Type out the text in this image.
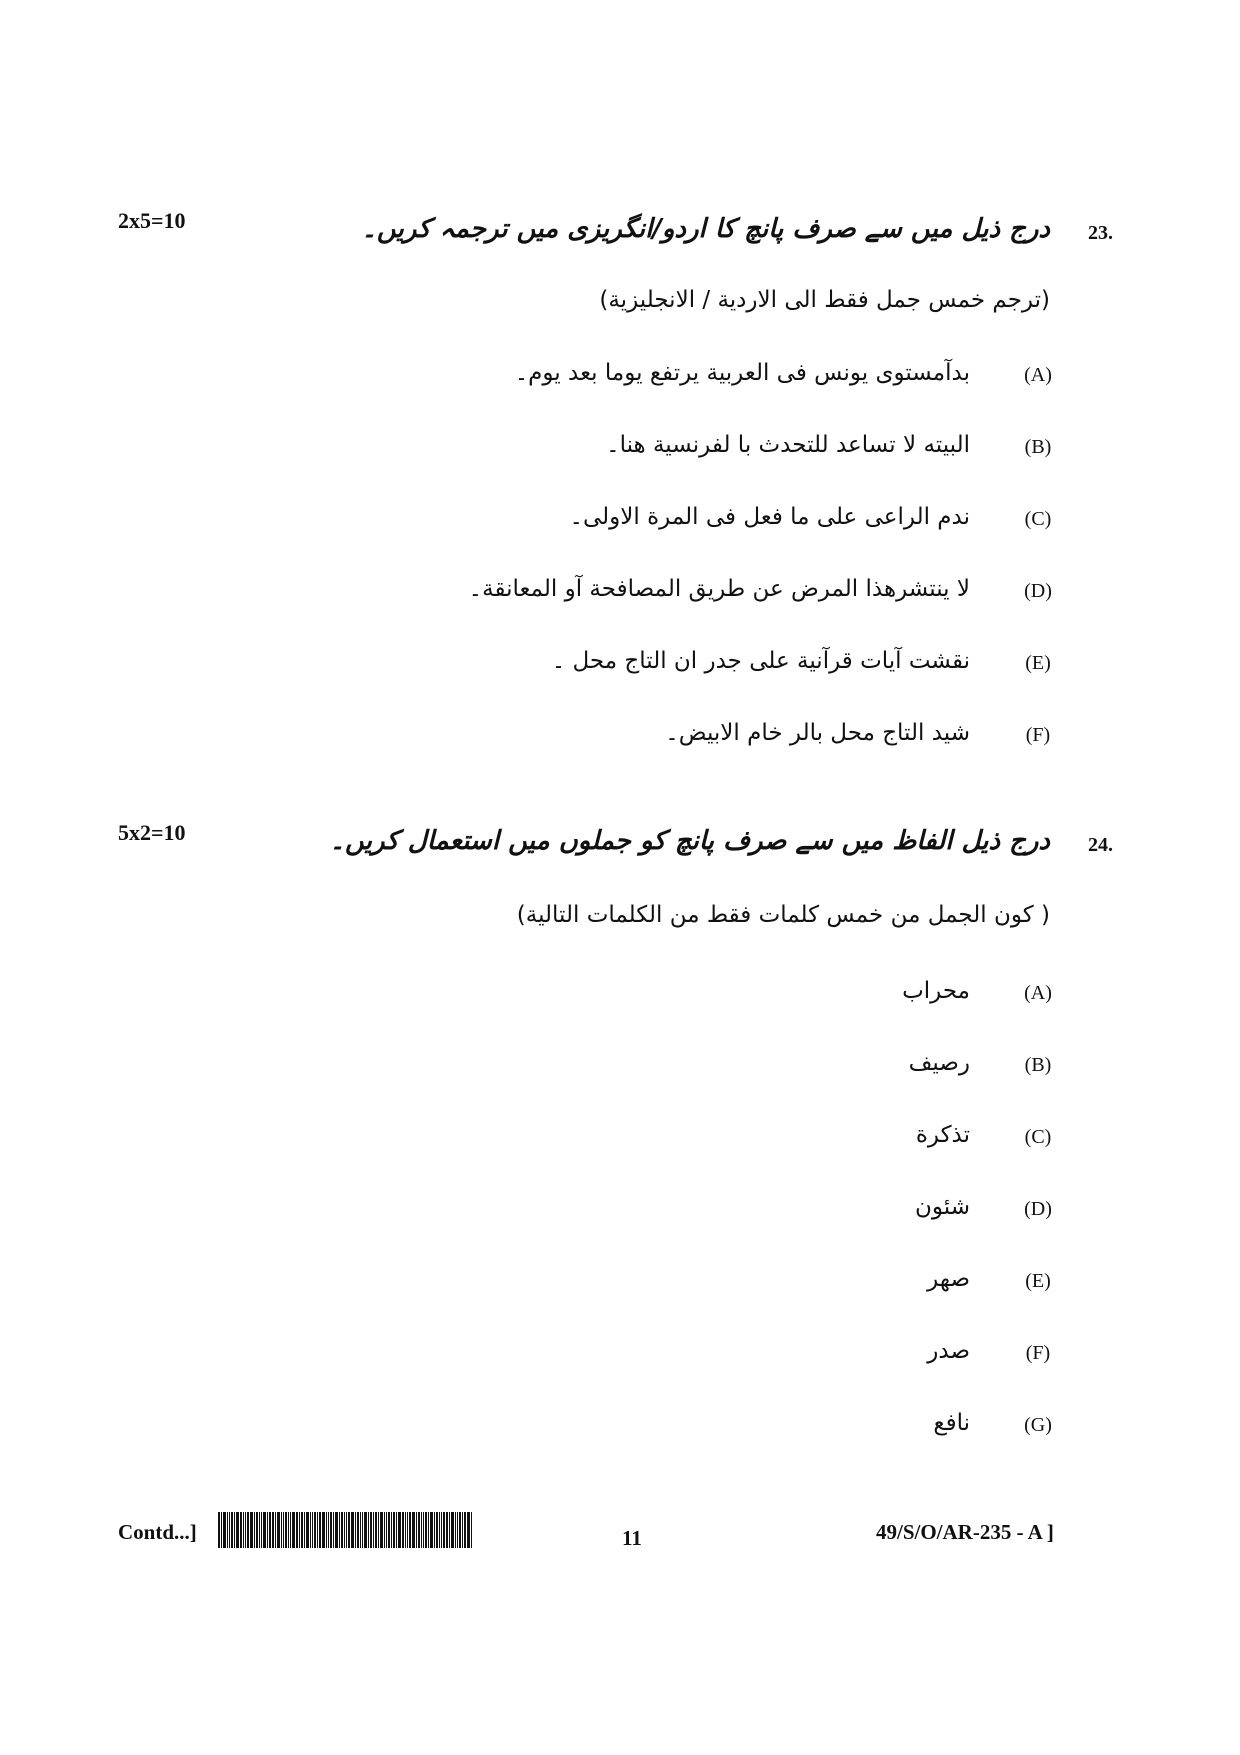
2x5=10	23.
درج ذیل میں سے صرف پانچ کا اردو/انگریزی میں ترجمہ کریں۔
(ترجم خمس جمل فقط الى الاردية / الانجليزية)
(A)
بدآمستوى يونس فى العربية يرتفع يوما بعد يوم۔
(B)
البيته لا تساعد للتحدث با لفرنسية هنا۔
(C)
ندم الراعى على ما فعل فى المرة الاولى۔
(D)
لا ينتشرهذا المرض عن طريق المصافحة آو المعانقة۔
(E)
نقشت آيات قرآنية على جدر ان التاج محل ۔
(F)
شيد التاج محل بالر خام الابيض۔
5x2=10	24.
درج ذیل الفاظ میں سے صرف پانچ کو جملوں میں استعمال کریں۔
( كون الجمل من خمس كلمات فقط من الكلمات التالية)
(A)
محراب
(B)
رصيف
(C)
تذكرة
(D)
شئون
(E)
صهر
(F)
صدر
(G)
نافع
Contd...]	11	49/S/O/AR-235 - A ]
